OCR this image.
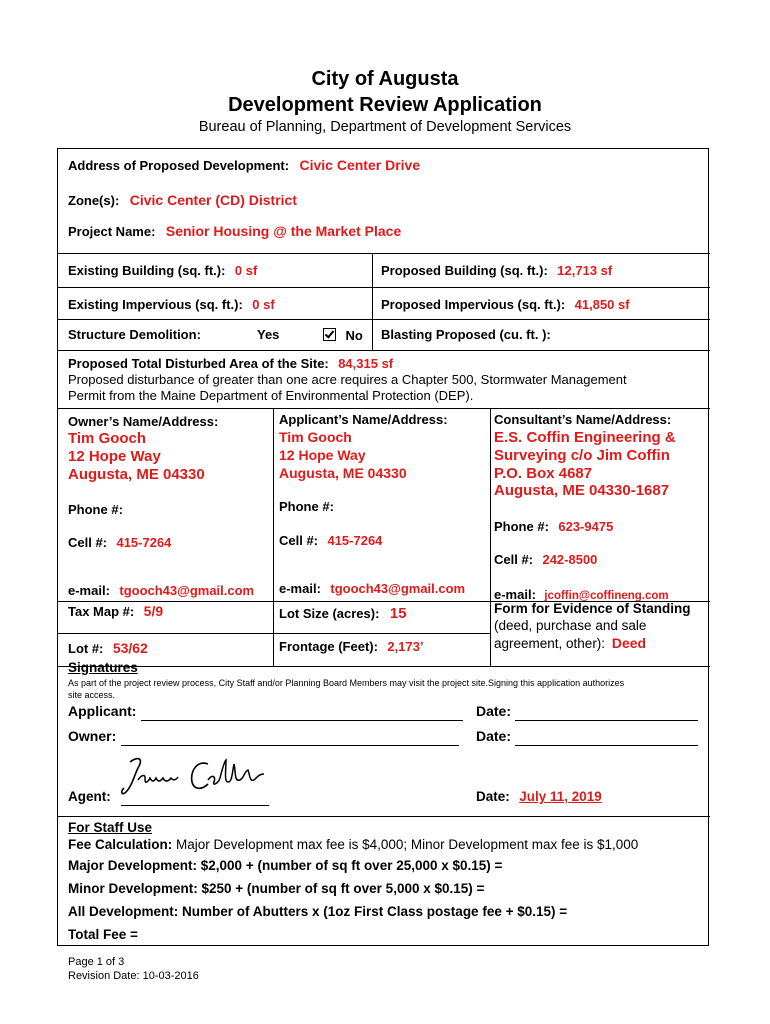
City of Augusta
Development Review Application
Bureau of Planning, Department of Development Services
Address of Proposed Development: Civic Center Drive
Zone(s): Civic Center (CD) District
Project Name: Senior Housing @ the Market Place
Existing Building (sq. ft.): 0 sf	Proposed Building (sq. ft.): 12,713 sf
Existing Impervious (sq. ft.): 0 sf	Proposed Impervious (sq. ft.): 41,850 sf
Structure Demolition:	Yes	No Blasting Proposed (cu. ft. ):
Proposed Total Disturbed Area of the Site: 84,315 sf
Proposed disturbance of greater than one acre requires a Chapter 500, Stormwater Management
Permit from the Maine Department of Environmental Protection (DEP).
Owner’s Name/Address:
Tim Gooch
12 Hope Way
Augusta, ME 04330
Phone #:
Cell #: 415-7264
e-mail: tgooch43@gmail.com
Applicant’s Name/Address:
Tim Gooch
12 Hope Way
Augusta, ME 04330
Phone #:
Cell #: 415-7264
e-mail: tgooch43@gmail.com
Consultant’s Name/Address:
E.S. Coffin Engineering &
Surveying c/o Jim Coffin
P.O. Box 4687
Augusta, ME 04330-1687
Phone #: 623-9475
Cell #: 242-8500
e-mail: jcoffin@coffineng.com
Tax Map #: 5/9	Lot Size (acres): 15
Lot #: 53/62	Frontage (Feet): 2,173’
Form for Evidence of Standing
(deed, purchase and sale
agreement, other): Deed
Signatures
As part of the project review process, City Staff and/or Planning Board Members may visit the project site.Signing this application authorizes
site access.
Applicant:	Date:
Owner:	Date:
Agent:	Date: July 11, 2019
For Staff Use
Fee Calculation: Major Development max fee is $4,000; Minor Development max fee is $1,000
Major Development: $2,000 + (number of sq ft over 25,000 x $0.15) =
Minor Development: $250 + (number of sq ft over 5,000 x $0.15) =
All Development: Number of Abutters x (1oz First Class postage fee + $0.15) =
Total Fee =
Page 1 of 3
Revision Date: 10-03-2016
